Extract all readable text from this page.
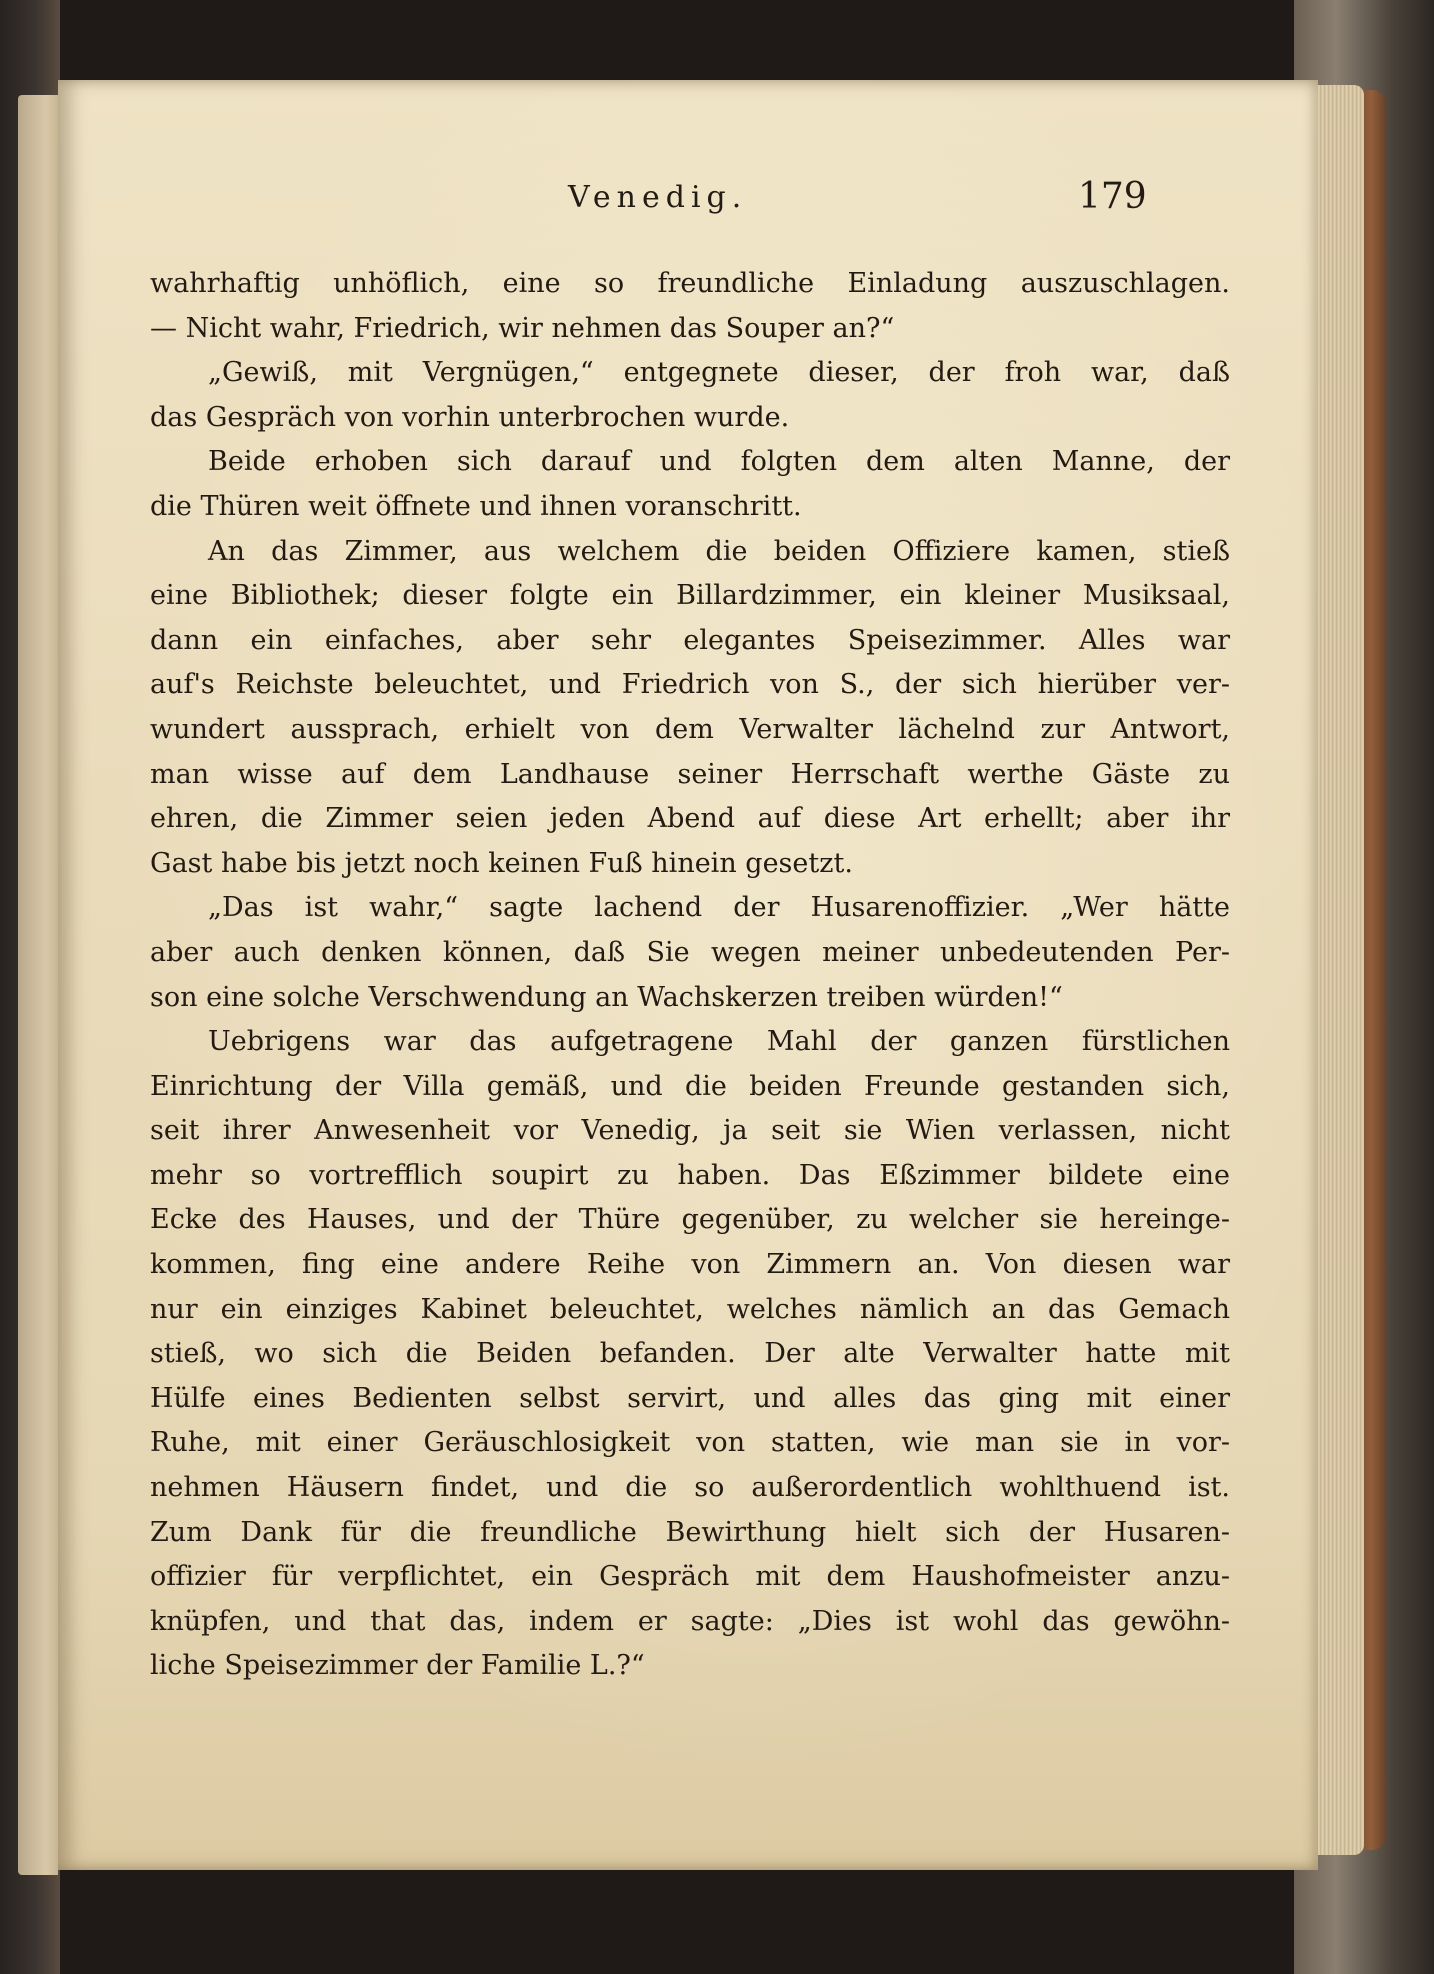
Venedig.	179
wahrhaftig unhöflich, eine so freundliche Einladung auszuschlagen.
— Nicht wahr, Friedrich, wir nehmen das Souper an?“
„Gewiß, mit Vergnügen,“ entgegnete dieser, der froh war, daß
das Gespräch von vorhin unterbrochen wurde.
Beide erhoben sich darauf und folgten dem alten Manne, der
die Thüren weit öffnete und ihnen voranschritt.
An das Zimmer, aus welchem die beiden Offiziere kamen, stieß
eine Bibliothek; dieser folgte ein Billardzimmer, ein kleiner Musiksaal,
dann ein einfaches, aber sehr elegantes Speisezimmer. Alles war
auf's Reichste beleuchtet, und Friedrich von S., der sich hierüber ver-
wundert aussprach, erhielt von dem Verwalter lächelnd zur Antwort,
man wisse auf dem Landhause seiner Herrschaft werthe Gäste zu
ehren, die Zimmer seien jeden Abend auf diese Art erhellt; aber ihr
Gast habe bis jetzt noch keinen Fuß hinein gesetzt.
„Das ist wahr,“ sagte lachend der Husarenoffizier. „Wer hätte
aber auch denken können, daß Sie wegen meiner unbedeutenden Per-
son eine solche Verschwendung an Wachskerzen treiben würden!“
Uebrigens war das aufgetragene Mahl der ganzen fürstlichen
Einrichtung der Villa gemäß, und die beiden Freunde gestanden sich,
seit ihrer Anwesenheit vor Venedig, ja seit sie Wien verlassen, nicht
mehr so vortrefflich soupirt zu haben. Das Eßzimmer bildete eine
Ecke des Hauses, und der Thüre gegenüber, zu welcher sie hereinge-
kommen, fing eine andere Reihe von Zimmern an. Von diesen war
nur ein einziges Kabinet beleuchtet, welches nämlich an das Gemach
stieß, wo sich die Beiden befanden. Der alte Verwalter hatte mit
Hülfe eines Bedienten selbst servirt, und alles das ging mit einer
Ruhe, mit einer Geräuschlosigkeit von statten, wie man sie in vor-
nehmen Häusern findet, und die so außerordentlich wohlthuend ist.
Zum Dank für die freundliche Bewirthung hielt sich der Husaren-
offizier für verpflichtet, ein Gespräch mit dem Haushofmeister anzu-
knüpfen, und that das, indem er sagte: „Dies ist wohl das gewöhn-
liche Speisezimmer der Familie L.?“
